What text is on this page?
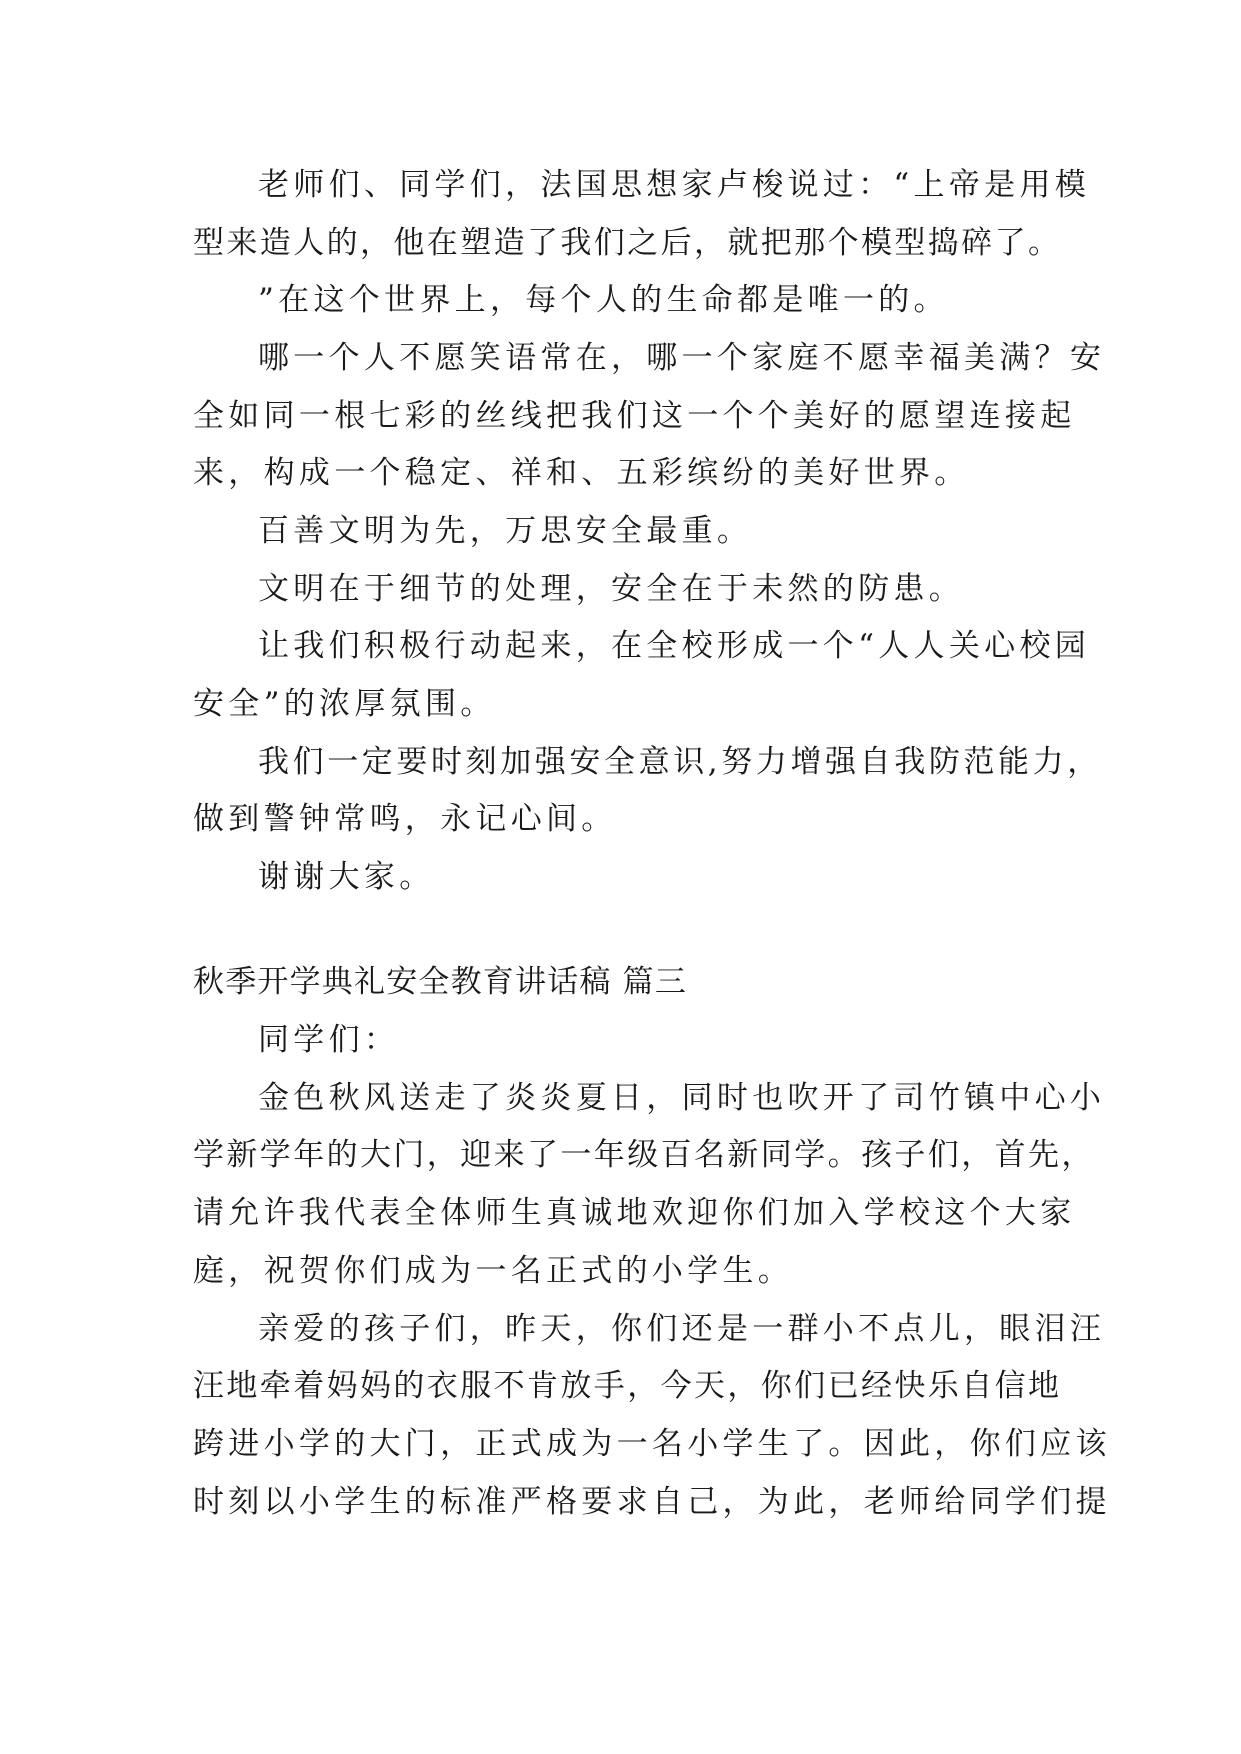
老师们、同学们，法国思想家卢梭说过：“上帝是用模
型来造人的，他在塑造了我们之后，就把那个模型捣碎了。
”在这个世界上，每个人的生命都是唯一的。
哪一个人不愿笑语常在，哪一个家庭不愿幸福美满？安
全如同一根七彩的丝线把我们这一个个美好的愿望连接起
来，构成一个稳定、祥和、五彩缤纷的美好世界。
百善文明为先，万思安全最重。
文明在于细节的处理，安全在于未然的防患。
让我们积极行动起来，在全校形成一个“人人关心校园
安全”的浓厚氛围。
我们一定要时刻加强安全意识,努力增强自我防范能力，
做到警钟常鸣，永记心间。
谢谢大家。
秋季开学典礼安全教育讲话稿 篇三
同学们：
金色秋风送走了炎炎夏日，同时也吹开了司竹镇中心小
学新学年的大门，迎来了一年级百名新同学。孩子们，首先，
请允许我代表全体师生真诚地欢迎你们加入学校这个大家
庭，祝贺你们成为一名正式的小学生。
亲爱的孩子们，昨天，你们还是一群小不点儿，眼泪汪
汪地牵着妈妈的衣服不肯放手，今天，你们已经快乐自信地
跨进小学的大门，正式成为一名小学生了。因此，你们应该
时刻以小学生的标准严格要求自己，为此，老师给同学们提
